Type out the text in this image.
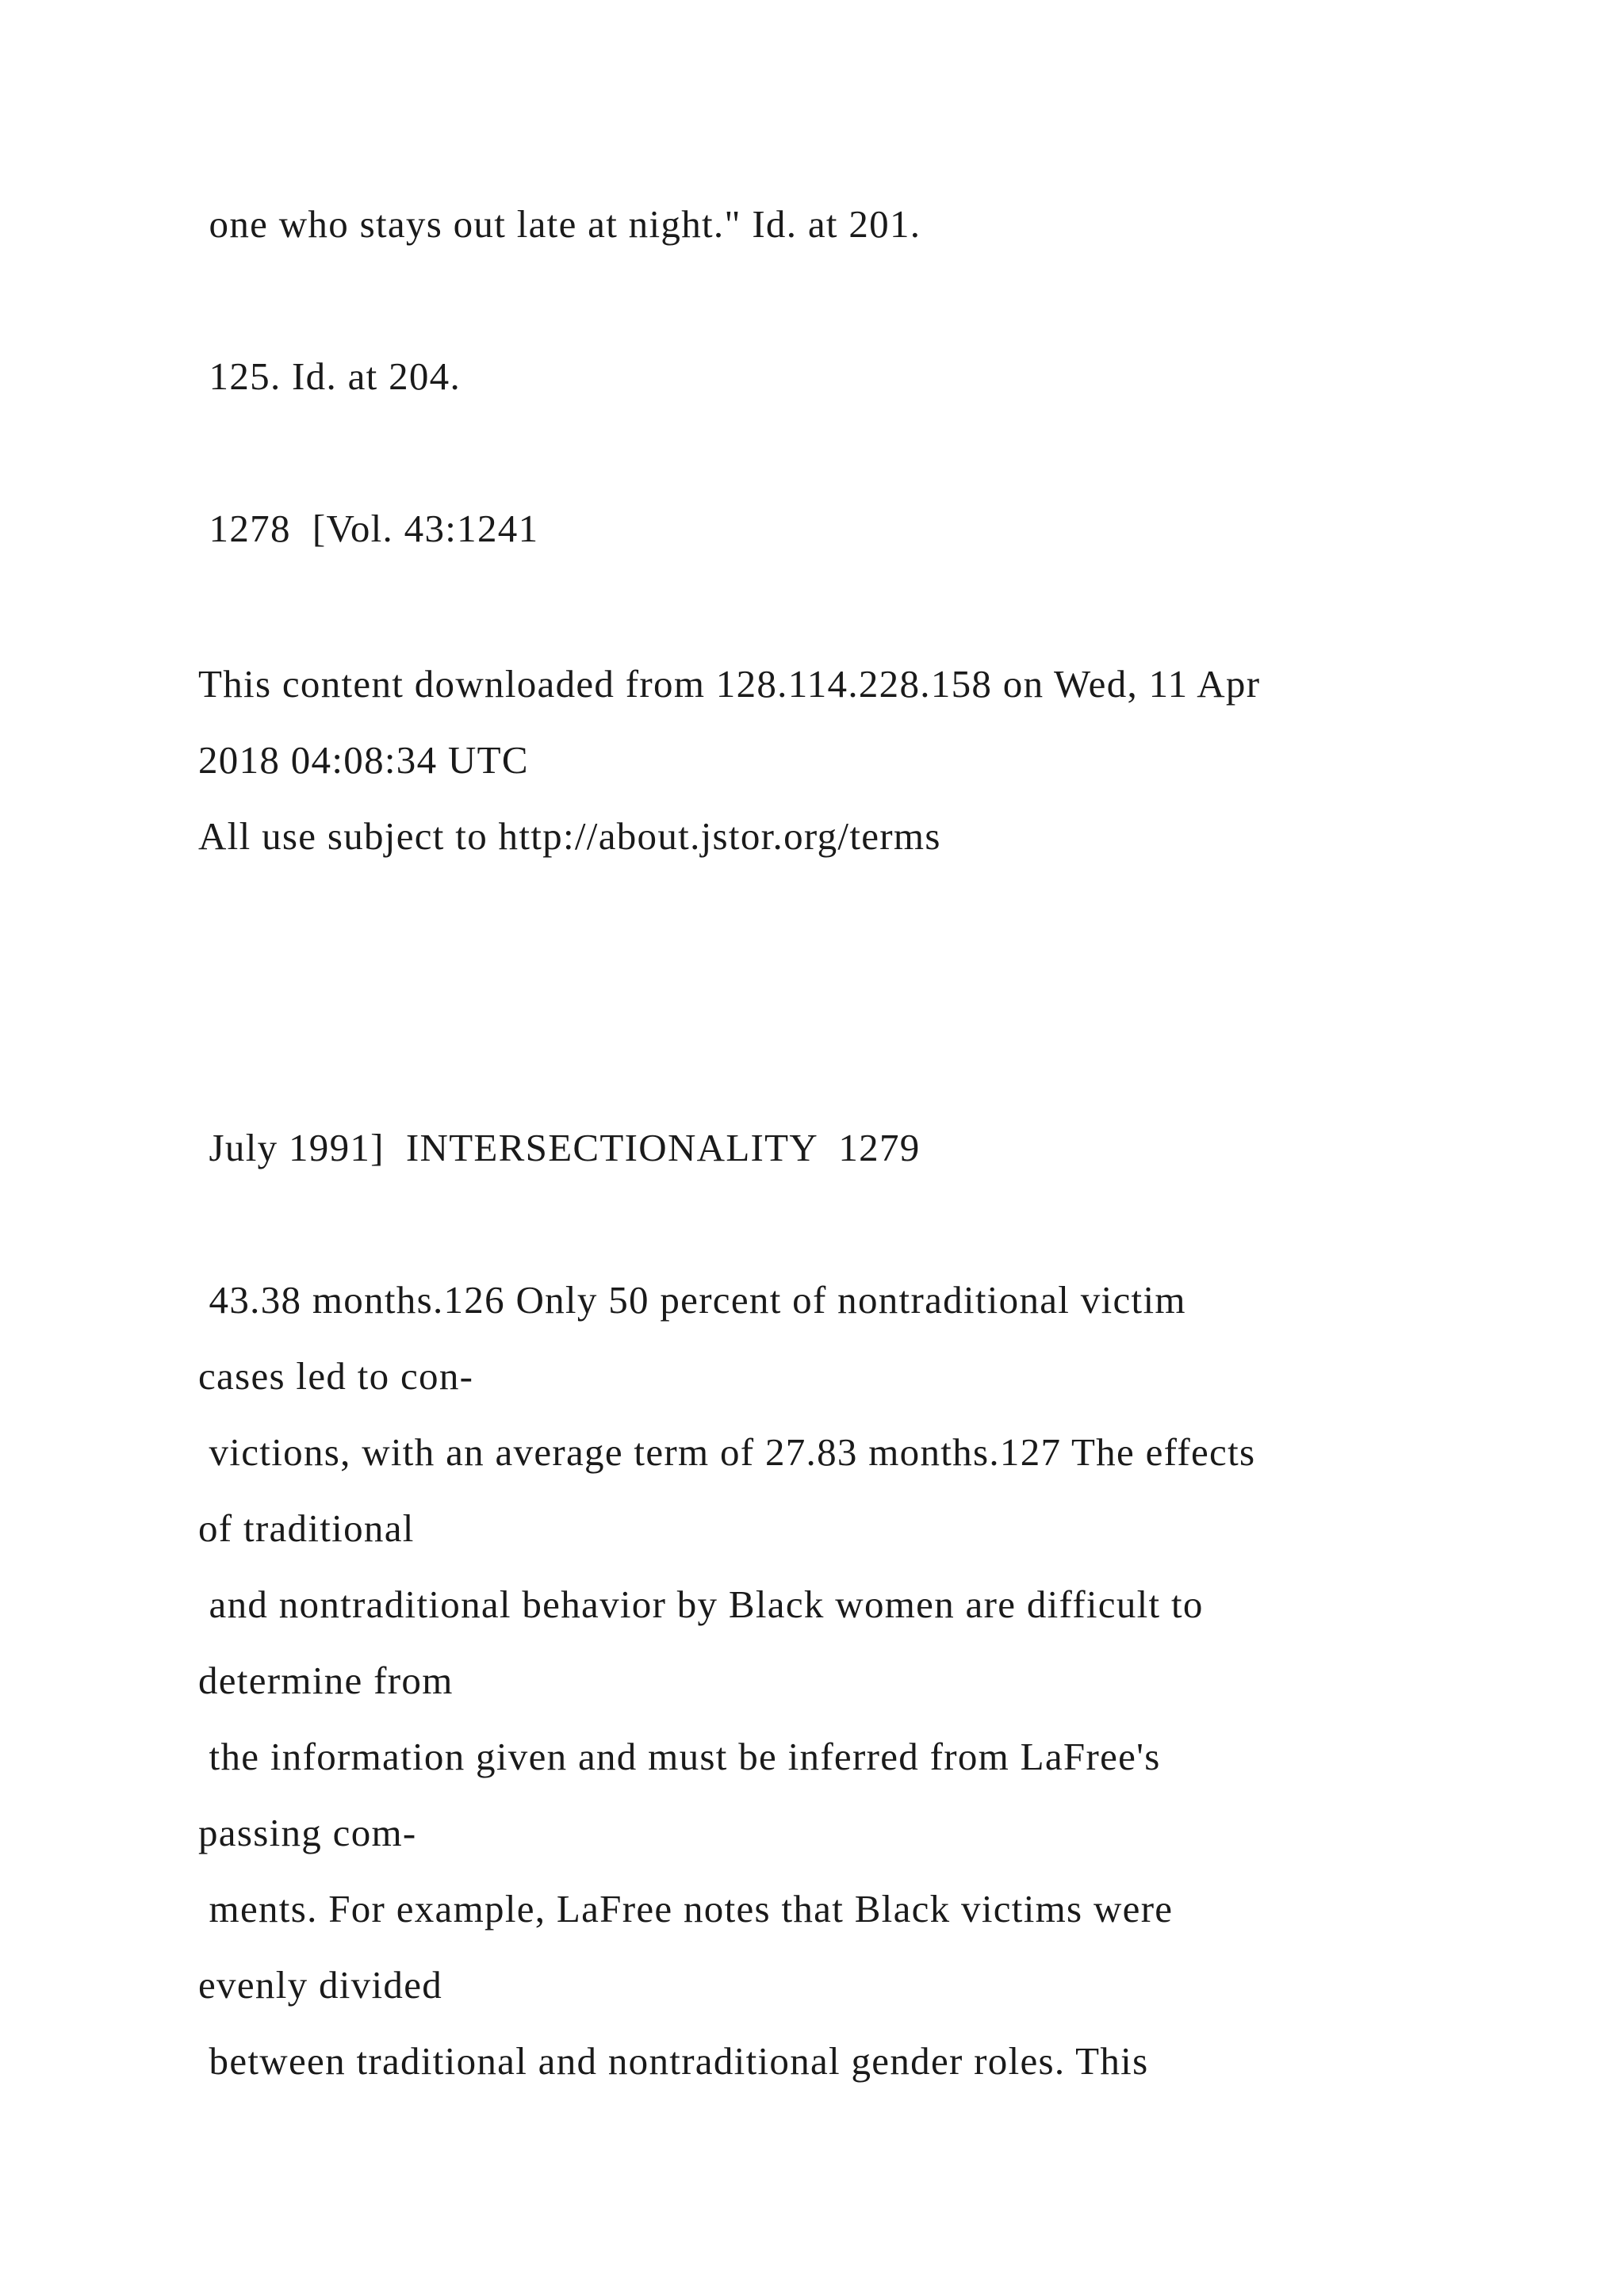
one who stays out late at night." Id. at 201.
125. Id. at 204.
1278  [Vol. 43:1241
This content downloaded from 128.114.228.158 on Wed, 11 Apr
2018 04:08:34 UTC
All use subject to http://about.jstor.org/terms
July 1991]  INTERSECTIONALITY  1279
43.38 months.126 Only 50 percent of nontraditional victim
cases led to con-
victions, with an average term of 27.83 months.127 The effects
of traditional
and nontraditional behavior by Black women are difficult to
determine from
the information given and must be inferred from LaFree's
passing com-
ments. For example, LaFree notes that Black victims were
evenly divided
between traditional and nontraditional gender roles. This
